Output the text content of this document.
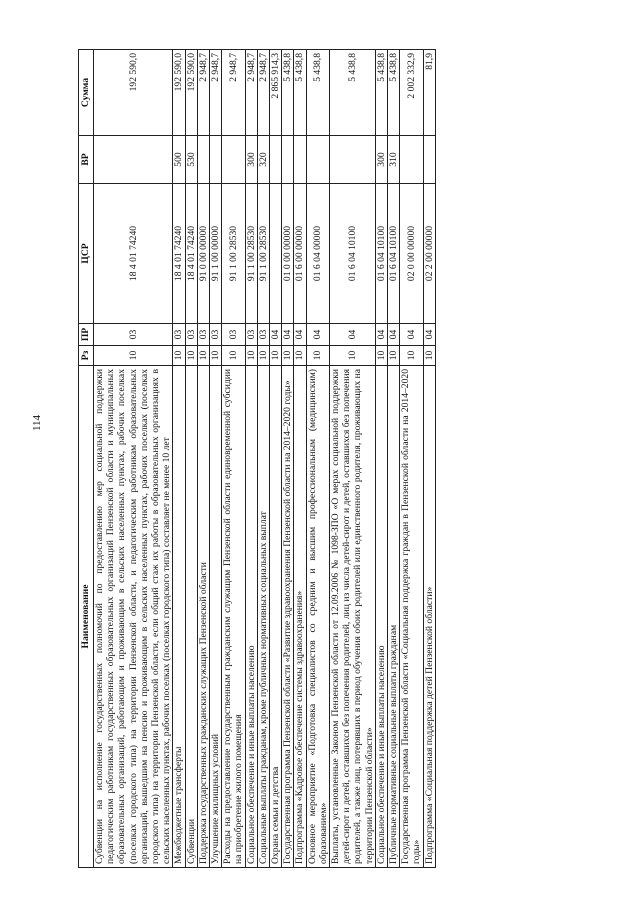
114
Наименование	Рз	ПР	ЦСР	ВР	Сумма
Субвенции на исполнение государственных полномочий по предоставлению мер социальной поддержки педагогическим работникам государственных образовательных организаций Пензенской области и муниципальных образовательных организаций, работающим и проживающим в сельских населенных пунктах, рабочих поселках (поселках городского типа) на территории Пензенской области, и педагогическим работникам образовательных организаций, вышедшим на пенсию и проживающим в сельских населенных пунктах, рабочих поселках (поселках городского типа) на территории Пензенской области, если общий стаж их работы в образовательных организациях в сельских населенных пунктах, рабочих поселках (поселках городского типа) составляет не менее 10 лет	10	03	18 4 01 74240		192 590,0
Межбюджетные трансферты	10	03	18 4 01 74240	500	192 590,0
Субвенции	10	03	18 4 01 74240	530	192 590,0
Поддержка государственных гражданских служащих Пензенской области	10	03	91 0 00 00000		2 948,7
Улучшение жилищных условий	10	03	91 1 00 00000		2 948,7
Расходы на предоставление государственным гражданским служащим Пензенской области единовременной субсидии на приобретение жилого помещения	10	03	91 1 00 28530		2 948,7
Социальное обеспечение и иные выплаты населению	10	03	91 1 00 28530	300	2 948,7
Социальные выплаты гражданам, кроме публичных нормативных социальных выплат	10	03	91 1 00 28530	320	2 948,7
Охрана семьи и детства	10	04			2 865 914,3
Государственная программа Пензенской области «Развитие здравоохранения Пензенской области на 2014–2020 годы»	10	04	01 0 00 00000		5 438,8
Подпрограмма «Кадровое обеспечение системы здравоохранения»	10	04	01 6 00 00000		5 438,8
Основное мероприятие «Подготовка специалистов со средним и высшим профессиональным (медицинским) образованием»	10	04	01 6 04 00000		5 438,8
Выплаты, установленные Законом Пензенской области от 12.09.2006 № 1098-ЗПО «О мерах социальной поддержки детей-сирот и детей, оставшихся без попечения родителей, лиц из числа детей-сирот и детей, оставшихся без попечения родителей, а также лиц, потерявших в период обучения обоих родителей или единственного родителя, проживающих на территории Пензенской области»	10	04	01 6 04 10100		5 438,8
Социальное обеспечение и иные выплаты населению	10	04	01 6 04 10100	300	5 438,8
Публичные нормативные социальные выплаты гражданам	10	04	01 6 04 10100	310	5 438,8
Государственная программа Пензенской области «Социальная поддержка граждан в Пензенской области на 2014–2020 годы»	10	04	02 0 00 00000		2 002 332,9
Подпрограмма «Социальная поддержка детей Пензенской области»	10	04	02 2 00 00000		81,9
